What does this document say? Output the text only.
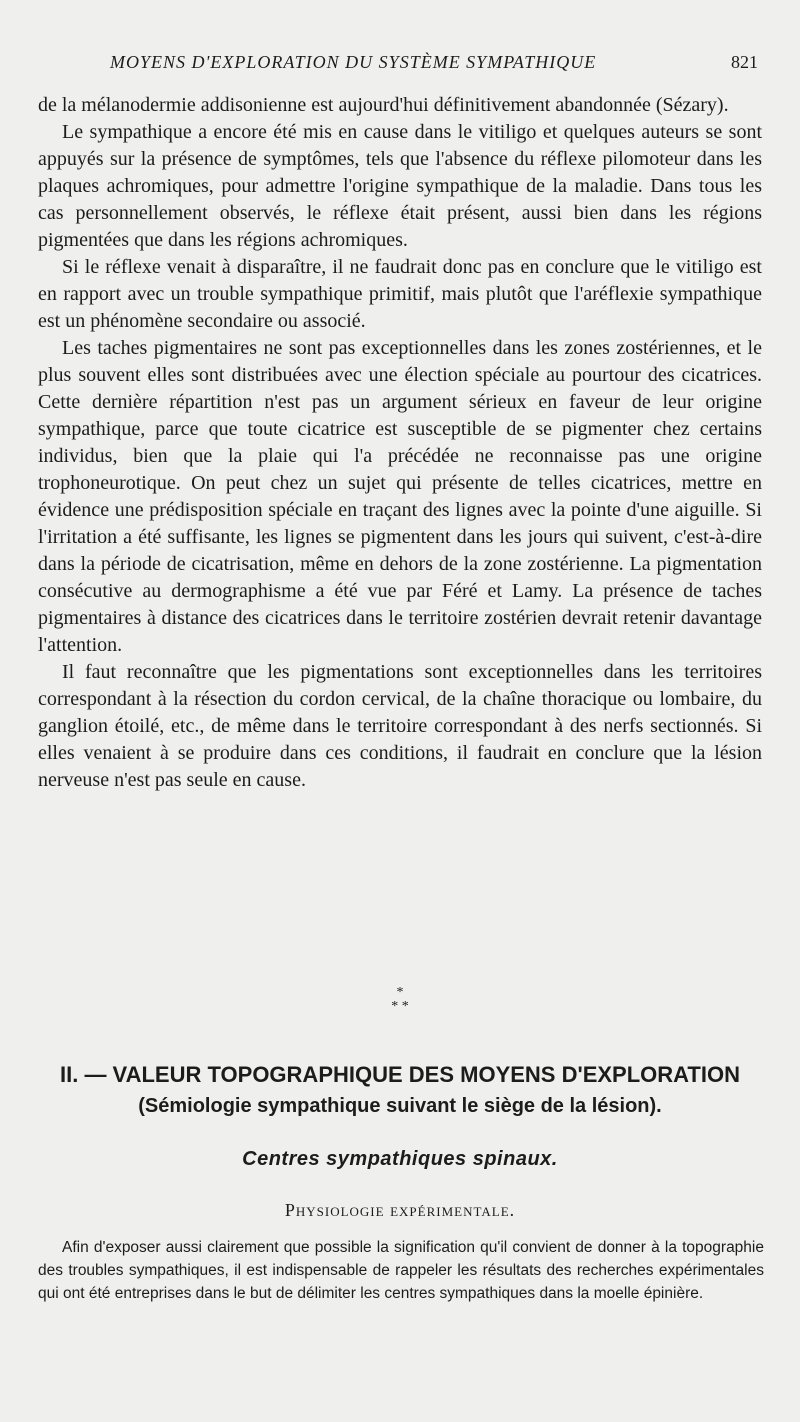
MOYENS D'EXPLORATION DU SYSTÈME SYMPATHIQUE	821

de la mélanodermie addisonienne est aujourd'hui définitivement abandonnée (Sézary).

Le sympathique a encore été mis en cause dans le vitiligo et quelques auteurs se sont appuyés sur la présence de symptômes, tels que l'absence du réflexe pilomoteur dans les plaques achromiques, pour admettre l'origine sympathique de la maladie. Dans tous les cas personnellement observés, le réflexe était présent, aussi bien dans les régions pigmentées que dans les régions achromiques.

Si le réflexe venait à disparaître, il ne faudrait donc pas en conclure que le vitiligo est en rapport avec un trouble sympathique primitif, mais plutôt que l'aréflexie sympathique est un phénomène secondaire ou associé.

Les taches pigmentaires ne sont pas exceptionnelles dans les zones zostériennes, et le plus souvent elles sont distribuées avec une élection spéciale au pourtour des cicatrices. Cette dernière répartition n'est pas un argument sérieux en faveur de leur origine sympathique, parce que toute cicatrice est susceptible de se pigmenter chez certains individus, bien que la plaie qui l'a précédée ne reconnaisse pas une origine trophoneurotique. On peut chez un sujet qui présente de telles cicatrices, mettre en évidence une prédisposition spéciale en traçant des lignes avec la pointe d'une aiguille. Si l'irritation a été suffisante, les lignes se pigmentent dans les jours qui suivent, c'est-à-dire dans la période de cicatrisation, même en dehors de la zone zostérienne. La pigmentation consécutive au dermographisme a été vue par Féré et Lamy. La présence de taches pigmentaires à distance des cicatrices dans le territoire zostérien devrait retenir davantage l'attention.

Il faut reconnaître que les pigmentations sont exceptionnelles dans les territoires correspondant à la résection du cordon cervical, de la chaîne thoracique ou lombaire, du ganglion étoilé, etc., de même dans le territoire correspondant à des nerfs sectionnés. Si elles venaient à se produire dans ces conditions, il faudrait en conclure que la lésion nerveuse n'est pas seule en cause.

*
* *
II. — VALEUR TOPOGRAPHIQUE DES MOYENS D'EXPLORATION
(Sémiologie sympathique suivant le siège de la lésion).
Centres sympathiques spinaux.
Physiologie expérimentale.

Afin d'exposer aussi clairement que possible la signification qu'il convient de donner à la topographie des troubles sympathiques, il est indispensable de rappeler les résultats des recherches expérimentales qui ont été entreprises dans le but de délimiter les centres sympathiques dans la moelle épinière.
